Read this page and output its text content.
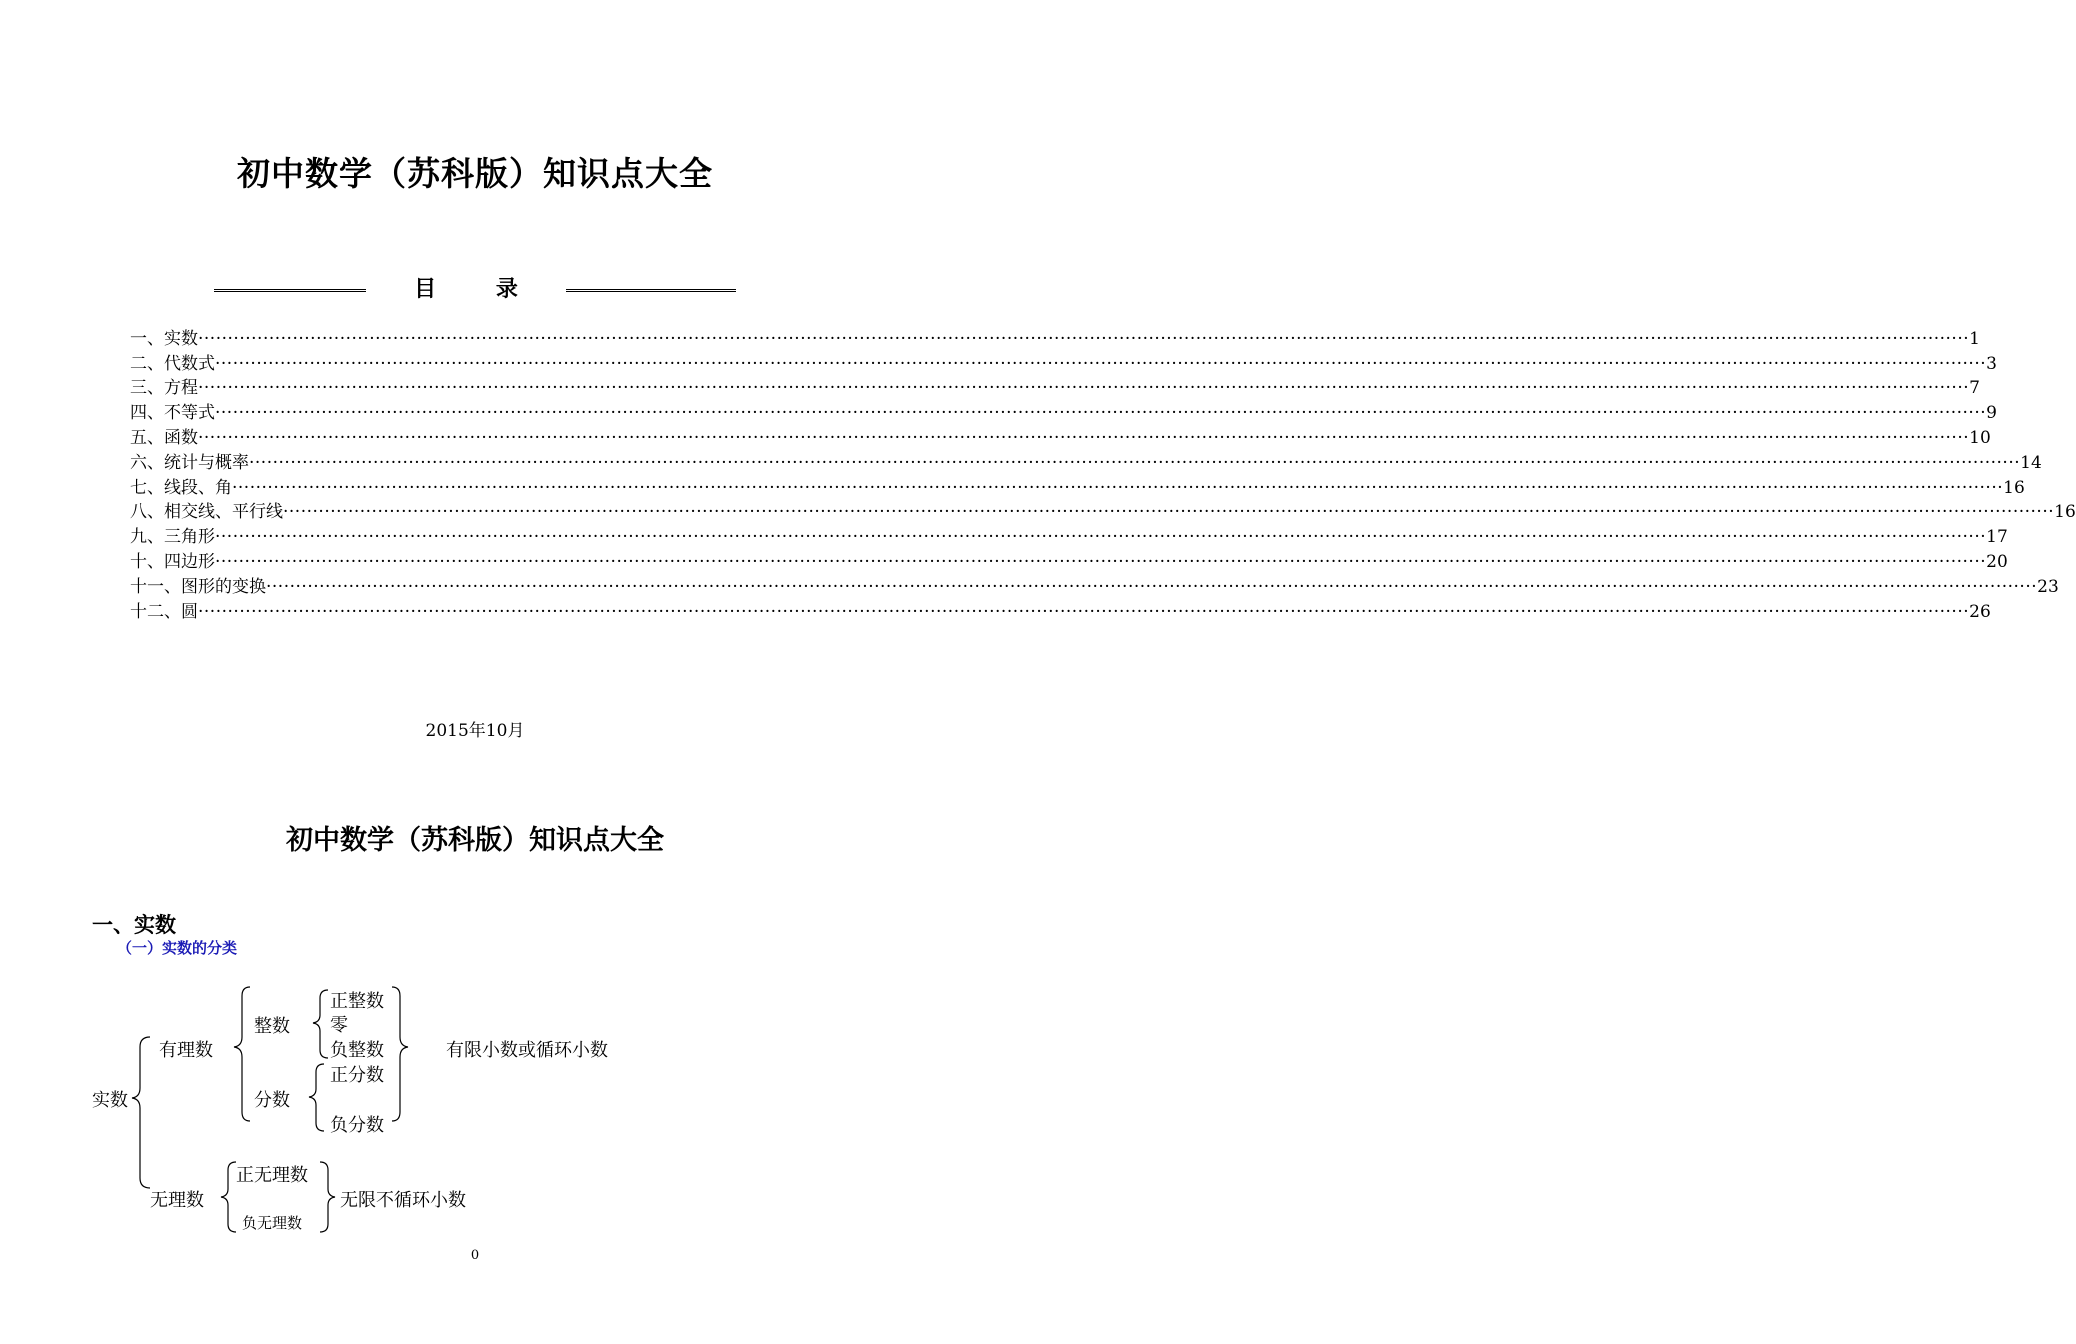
初中数学（苏科版）知识点大全
目 录
一、实数 ············································································································································································································································································································ 1
二、代数式 ············································································································································································································································································································ 3
三、方程 ············································································································································································································································································································ 7
四、不等式 ············································································································································································································································································································ 9
五、函数 ············································································································································································································································································································ 10
六、统计与概率 ············································································································································································································································································································ 14
七、线段、角 ············································································································································································································································································································ 16
八、相交线、平行线 ············································································································································································································································································································ 16
九、三角形 ············································································································································································································································································································ 17
十、四边形 ············································································································································································································································································································ 20
十一、图形的变换 ············································································································································································································································································································ 23
十二、圆 ············································································································································································································································································································ 26
2015年10月
初中数学（苏科版）知识点大全
一、实数
（一）实数的分类
实数
有理数
整数
正整数
零
负整数
分数
正分数
负分数
有限小数或循环小数
无理数
正无理数
负无理数
无限不循环小数
0
